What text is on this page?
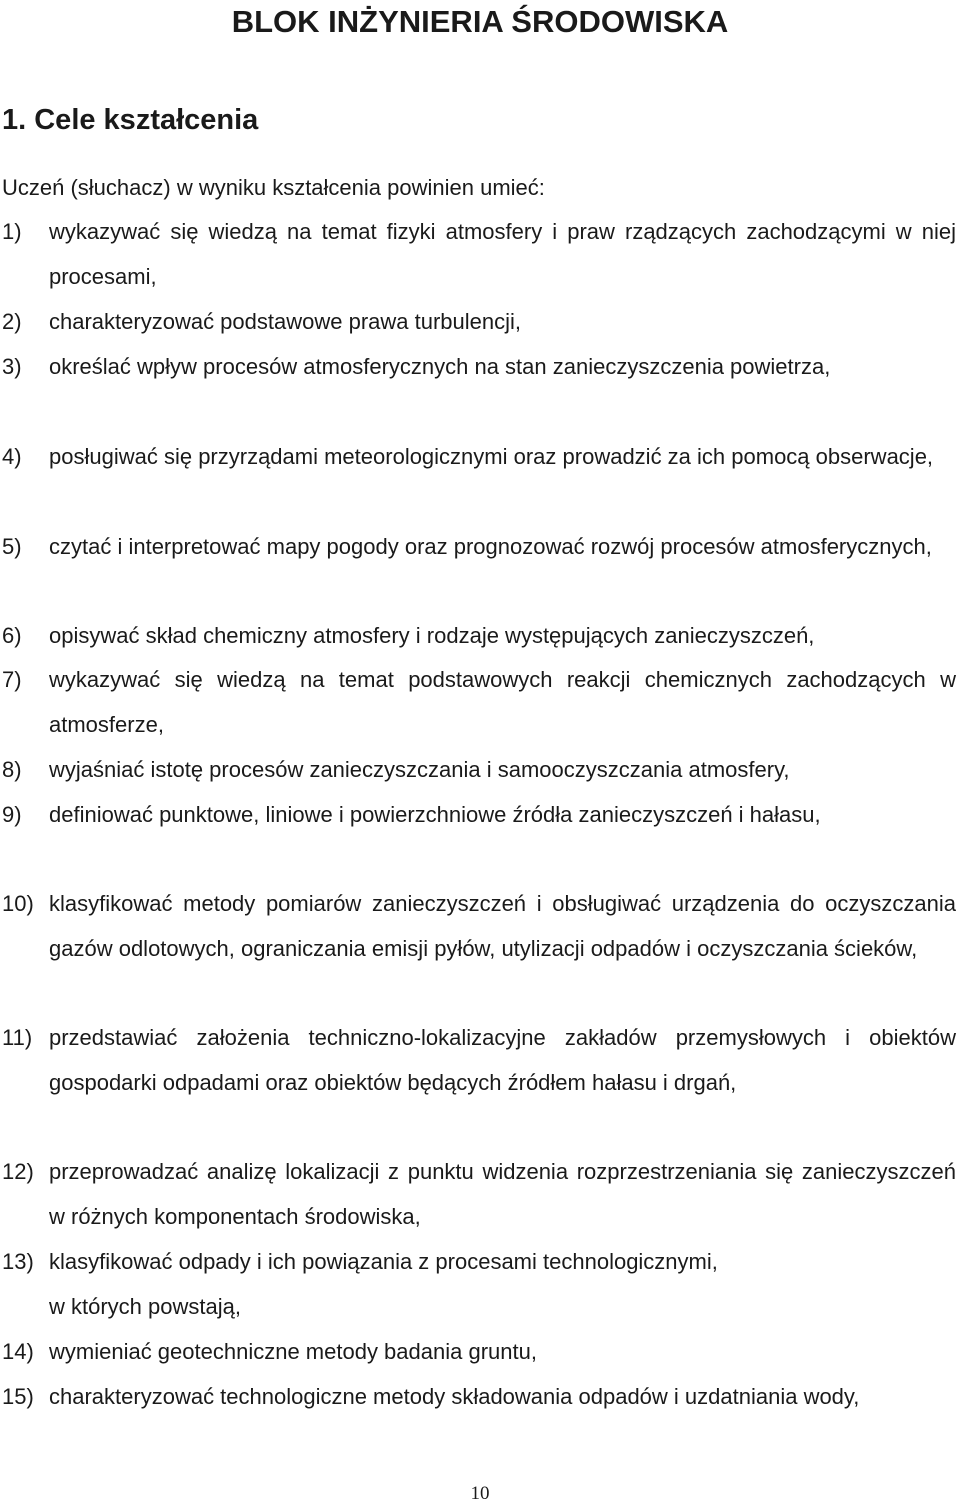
BLOK INŻYNIERIA ŚRODOWISKA
1. Cele kształcenia

Uczeń (słuchacz) w wyniku kształcenia powinien umieć:

1)	wykazywać się wiedzą na temat fizyki atmosfery i praw rządzących zachodzącymi w niej procesami,

2)	charakteryzować podstawowe prawa turbulencji,

3)	określać wpływ procesów atmosferycznych na stan zanieczyszczenia powietrza,

4)	posługiwać się przyrządami meteorologicznymi oraz prowadzić za ich pomocą obserwacje,

5)	czytać i interpretować mapy pogody oraz prognozować rozwój procesów atmosferycznych,

6)	opisywać skład chemiczny atmosfery i rodzaje występujących zanieczyszczeń,

7)	wykazywać się wiedzą na temat podstawowych reakcji chemicznych zachodzących w atmosferze,

8)	wyjaśniać istotę procesów zanieczyszczania i samooczyszczania atmosfery,

9)	definiować punktowe, liniowe i powierzchniowe źródła zanieczyszczeń i hałasu,

10) klasyfikować metody pomiarów zanieczyszczeń i obsługiwać urządzenia do oczyszczania gazów odlotowych, ograniczania emisji pyłów, utylizacji odpadów i oczyszczania ścieków,

11) przedstawiać założenia techniczno-lokalizacyjne zakładów przemysłowych i obiektów gospodarki odpadami oraz obiektów będących źródłem hałasu i drgań,

12) przeprowadzać analizę lokalizacji z punktu widzenia rozprzestrzeniania się zanieczyszczeń w różnych komponentach środowiska,

13) klasyfikować odpady i ich powiązania z procesami technologicznymi,
w których powstają,

14) wymieniać geotechniczne metody badania gruntu,

15) charakteryzować technologiczne metody składowania odpadów i uzdatniania wody,

10
